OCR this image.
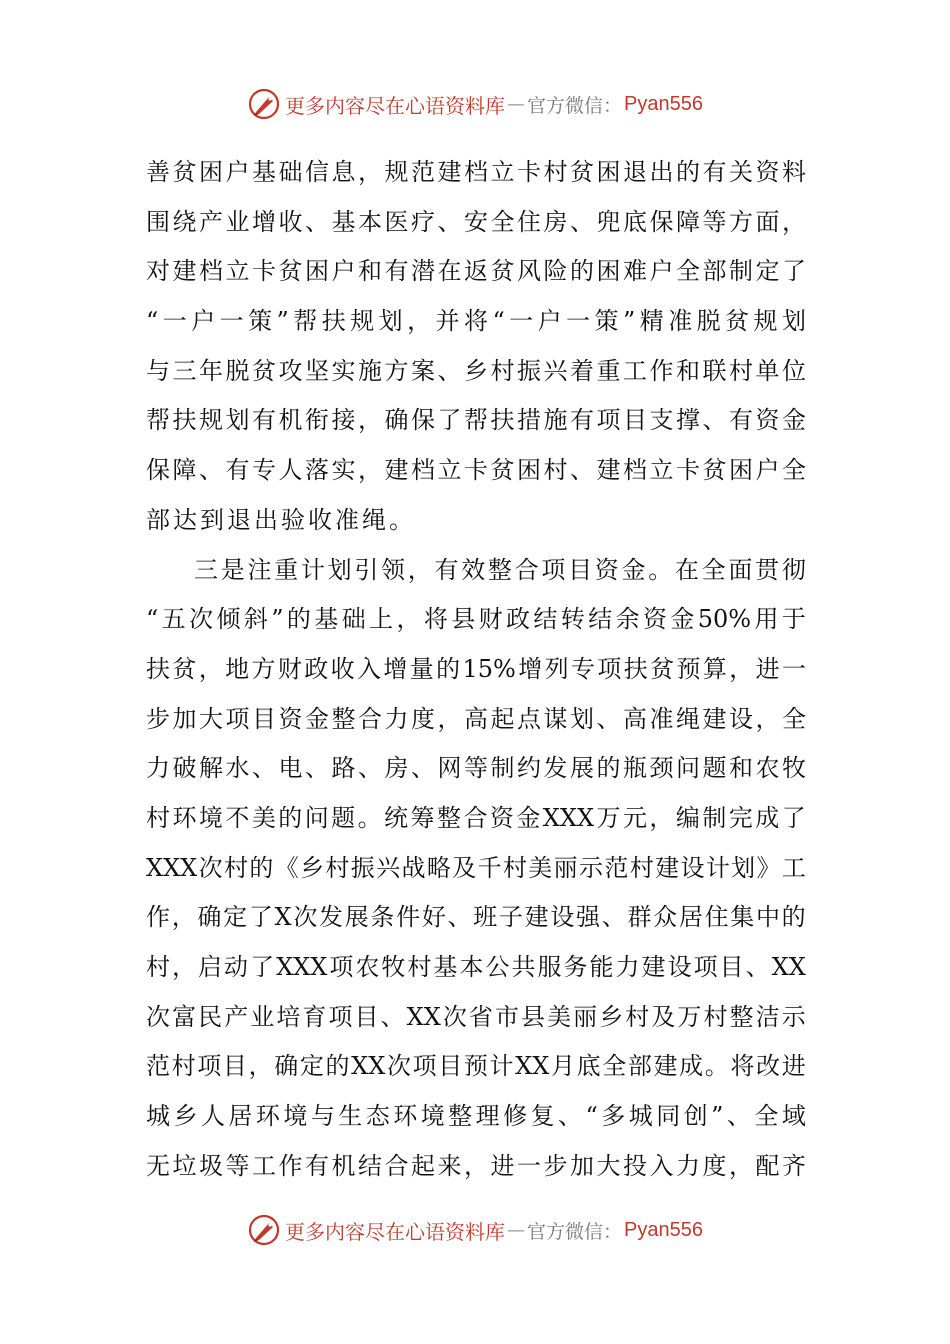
更多内容尽在心语资料库 — 官方微信： Pyan556
善 贫 困 户 基 础 信 息 ， 规 范 建 档 立 卡 村 贫 困 退 出 的 有 关 资 料
围 绕 产 业 增 收 、 基 本 医 疗 、 安 全 住 房 、 兜 底 保 障 等 方 面 ，
对 建 档 立 卡 贫 困 户 和 有 潜 在 返 贫 风 险 的 困 难 户 全 部 制 定 了
“ 一 户 一 策 ” 帮 扶 规 划 ， 并 将 “ 一 户 一 策 ” 精 准 脱 贫 规 划
与 三 年 脱 贫 攻 坚 实 施 方 案 、 乡 村 振 兴 着 重 工 作 和 联 村 单 位
帮 扶 规 划 有 机 衔 接 ， 确 保 了 帮 扶 措 施 有 项 目 支 撑 、 有 资 金
保 障 、 有 专 人 落 实 ， 建 档 立 卡 贫 困 村 、 建 档 立 卡 贫 困 户 全
部达到退出验收准绳。
三 是 注 重 计 划 引 领 ， 有 效 整 合 项 目 资 金 。 在 全 面 贯 彻
“ 五 次 倾 斜 ” 的 基 础 上 ， 将 县 财 政 结 转 结 余 资 金 50% 用 于
扶 贫 ， 地 方 财 政 收 入 增 量 的 15% 增 列 专 项 扶 贫 预 算 ， 进 一
步 加 大 项 目 资 金 整 合 力 度 ， 高 起 点 谋 划 、 高 准 绳 建 设 ， 全
力 破 解 水 、 电 、 路 、 房 、 网 等 制 约 发 展 的 瓶 颈 问 题 和 农 牧
村 环 境 不 美 的 问 题 。 统 筹 整 合 资 金 XXX 万 元 ， 编 制 完 成 了
XXX 次 村 的 《 乡 村 振 兴 战 略 及 千 村 美 丽 示 范 村 建 设 计 划 》 工
作 ， 确 定 了 X 次 发 展 条 件 好 、 班 子 建 设 强 、 群 众 居 住 集 中 的
村 ， 启 动 了 XXX 项 农 牧 村 基 本 公 共 服 务 能 力 建 设 项 目 、 XX
次 富 民 产 业 培 育 项 目 、 XX 次 省 市 县 美 丽 乡 村 及 万 村 整 洁 示
范 村 项 目 ， 确 定 的 XX 次 项 目 预 计 XX 月 底 全 部 建 成 。 将 改 进
城 乡 人 居 环 境 与 生 态 环 境 整 理 修 复 、 “ 多 城 同 创 ” 、 全 域
无 垃 圾 等 工 作 有 机 结 合 起 来 ， 进 一 步 加 大 投 入 力 度 ， 配 齐
更多内容尽在心语资料库 — 官方微信： Pyan556
